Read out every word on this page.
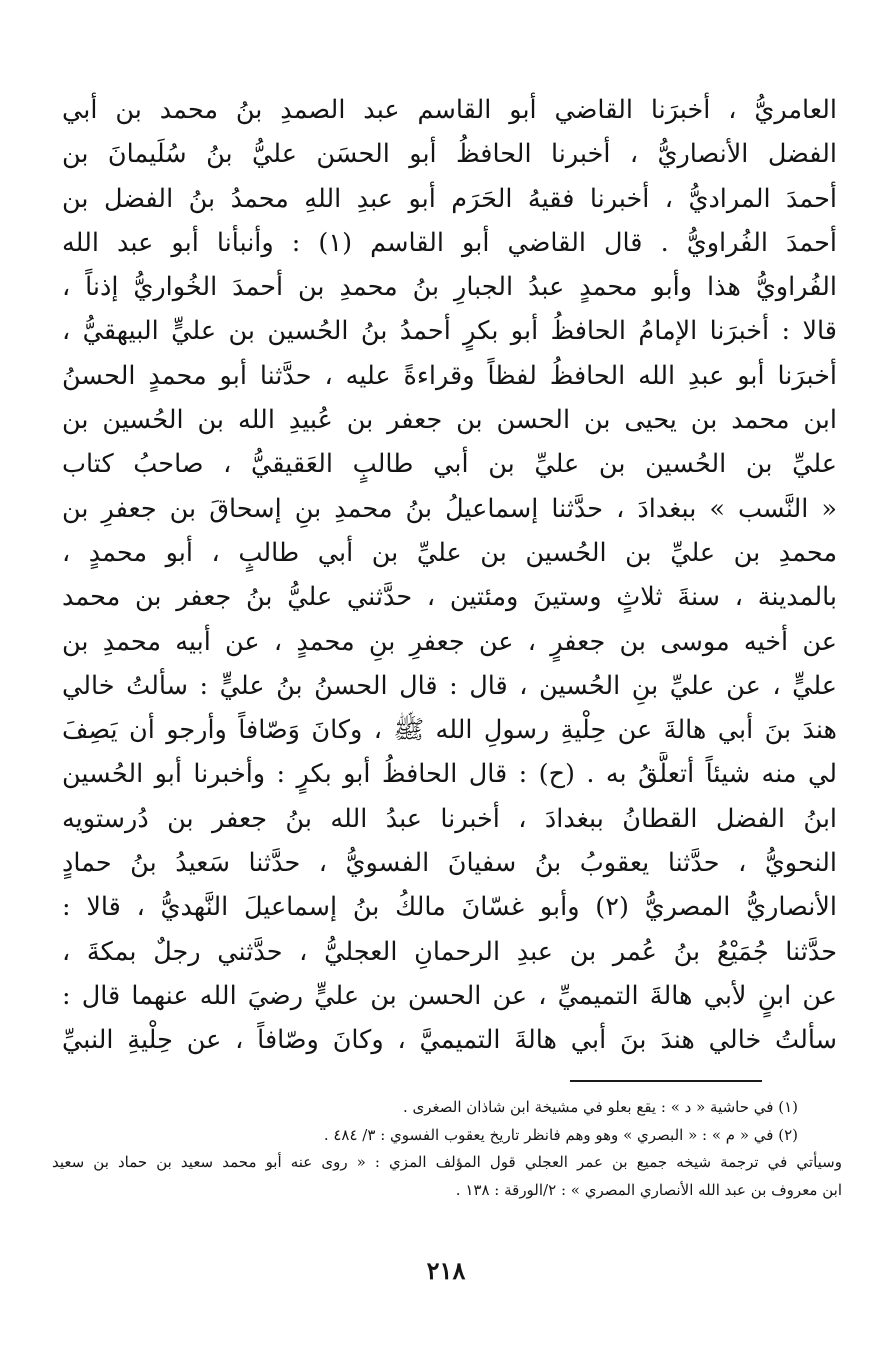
العامريُّ ، أخبرَنا القاضي أبو القاسم عبد الصمدِ بنُ محمد بن أبي
الفضل الأنصاريُّ ، أخبرنا الحافظُ أبو الحسَن عليُّ بنُ سُلَيمانَ بن
أحمدَ المراديُّ ، أخبرنا فقيهُ الحَرَم أبو عبدِ اللهِ محمدُ بنُ الفضل بن
أحمدَ الفُراويُّ . قال القاضي أبو القاسم (١) : وأنبأنا أبو عبد الله
الفُراويُّ هذا وأبو محمدٍ عبدُ الجبارِ بنُ محمدِ بن أحمدَ الخُواريُّ إذناً ،
قالا : أخبرَنا الإمامُ الحافظُ أبو بكرٍ أحمدُ بنُ الحُسين بن عليٍّ البيهقيُّ ،
أخبرَنا أبو عبدِ الله الحافظُ لفظاً وقراءةً عليه ، حدَّثنا أبو محمدٍ الحسنُ
ابن محمد بن يحيى بن الحسن بن جعفر بن عُبيدِ الله بن الحُسين بن
عليِّ بن الحُسين بن عليِّ بن أبي طالبٍ العَقيقيُّ ، صاحبُ كتاب
« النَّسب » ببغدادَ ، حدَّثنا إسماعيلُ بنُ محمدِ بنِ إسحاقَ بن جعفرِ بن
محمدِ بن عليِّ بن الحُسين بن عليِّ بن أبي طالبٍ ، أبو محمدٍ ،
بالمدينة ، سنةَ ثلاثٍ وستينَ ومئتين ، حدَّثني عليُّ بنُ جعفر بن محمد
عن أخيه موسى بن جعفرٍ ، عن جعفرِ بنِ محمدٍ ، عن أبيه محمدِ بن
عليٍّ ، عن عليِّ بنِ الحُسين ، قال : قال الحسنُ بنُ عليٍّ : سألتُ خالي
هندَ بنَ أبي هالةَ عن حِلْيةِ رسولِ الله ﷺ ، وكانَ وَصّافاً وأرجو أن يَصِفَ
لي منه شيئاً أتعلَّقُ به . (ح) : قال الحافظُ أبو بكرٍ : وأخبرنا أبو الحُسين
ابنُ الفضل القطانُ ببغدادَ ، أخبرنا عبدُ الله بنُ جعفر بن دُرستويه
النحويُّ ، حدَّثنا يعقوبُ بنُ سفيانَ الفسويُّ ، حدَّثنا سَعيدُ بنُ حمادٍ
الأنصاريُّ المصريُّ (٢) وأبو غسّانَ مالكُ بنُ إسماعيلَ النَّهديُّ ، قالا :
حدَّثنا جُمَيْعُ بنُ عُمر بن عبدِ الرحمانِ العجليُّ ، حدَّثني رجلٌ بمكةَ ،
عن ابنٍ لأبي هالةَ التميميِّ ، عن الحسن بن عليٍّ رضيَ الله عنهما قال :
سألتُ خالي هندَ بنَ أبي هالةَ التميميَّ ، وكانَ وصّافاً ، عن حِلْيةِ النبيِّ
(١) في حاشية « د » : يقع بعلو في مشيخة ابن شاذان الصغرى .
(٢) في « م » : « البصري » وهو وهم فانظر تاريخ يعقوب الفسوي : ٣/ ٤٨٤ .
وسيأتي في ترجمة شيخه جميع بن عمر العجلي قول المؤلف المزي : « روى عنه أبو محمد سعيد بن حماد بن سعيد
ابن معروف بن عبد الله الأنصاري المصري » : ٢/الورقة : ١٣٨ .
٢١٨
